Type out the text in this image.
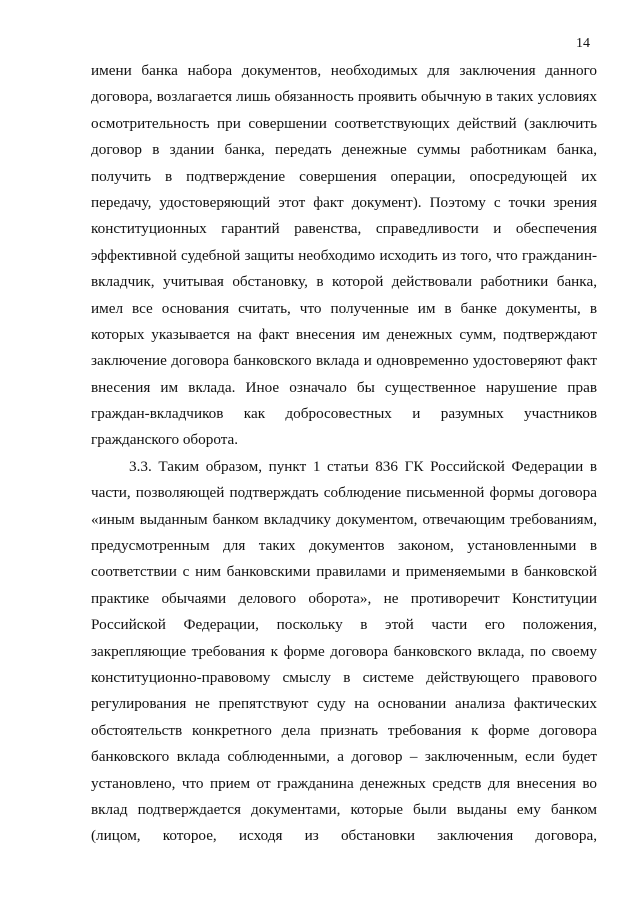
14
имени банка набора документов, необходимых для заключения данного
договора, возлагается лишь обязанность проявить обычную в таких условиях
осмотрительность при совершении соответствующих действий (заключить
договор в здании банка, передать денежные суммы работникам банка,
получить в подтверждение совершения операции, опосредующей их
передачу, удостоверяющий этот факт документ). Поэтому с точки зрения
конституционных гарантий равенства, справедливости и обеспечения
эффективной судебной защиты необходимо исходить из того, что гражданин-
вкладчик, учитывая обстановку, в которой действовали работники банка,
имел все основания считать, что полученные им в банке документы, в
которых указывается на факт внесения им денежных сумм, подтверждают
заключение договора банковского вклада и одновременно удостоверяют факт
внесения им вклада. Иное означало бы существенное нарушение прав
граждан-вкладчиков как добросовестных и разумных участников
гражданского оборота.
3.3. Таким образом, пункт 1 статьи 836 ГК Российской Федерации в
части, позволяющей подтверждать соблюдение письменной формы договора
«иным выданным банком вкладчику документом, отвечающим требованиям,
предусмотренным для таких документов законом, установленными в
соответствии с ним банковскими правилами и применяемыми в банковской
практике обычаями делового оборота», не противоречит Конституции
Российской Федерации, поскольку в этой части его положения,
закрепляющие требования к форме договора банковского вклада, по своему
конституционно-правовому смыслу в системе действующего правового
регулирования не препятствуют суду на основании анализа фактических
обстоятельств конкретного дела признать требования к форме договора
банковского вклада соблюденными, а договор – заключенным, если будет
установлено, что прием от гражданина денежных средств для внесения во
вклад подтверждается документами, которые были выданы ему банком
(лицом, которое, исходя из обстановки заключения договора,
